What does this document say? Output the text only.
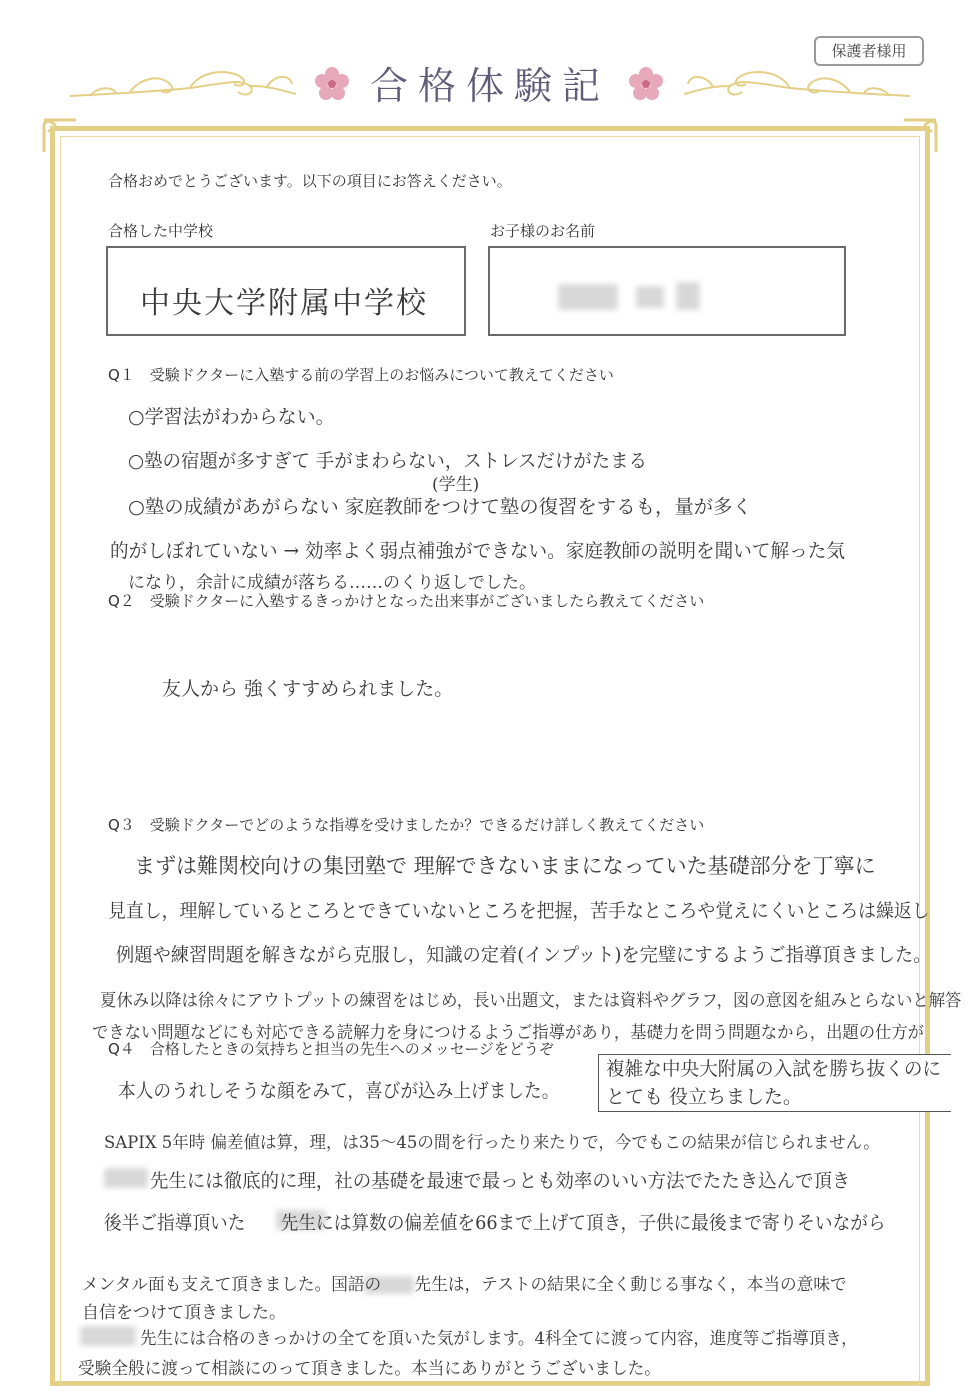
保護者様用
合格体験記
合格おめでとうございます。以下の項目にお答えください。
合格した中学校
中央大学附属中学校
お子様のお名前
Q１　受験ドクターに入塾する前の学習上のお悩みについて教えてください
○学習法がわからない。
○塾の宿題が多すぎて 手がまわらない，ストレスだけがたまる
(学生)
○塾の成績があがらない 家庭教師をつけて塾の復習をするも，量が多く
的がしぼれていない → 効率よく弱点補強ができない。家庭教師の説明を聞いて解った気
になり，余計に成績が落ちる……のくり返しでした。
Q２　受験ドクターに入塾するきっかけとなった出来事がございましたら教えてください
友人から 強くすすめられました。
Q３　受験ドクターでどのような指導を受けましたか？できるだけ詳しく教えてください
まずは難関校向けの集団塾で 理解できないままになっていた基礎部分を丁寧に
見直し，理解しているところとできていないところを把握，苦手なところや覚えにくいところは繰返し
例題や練習問題を解きながら克服し，知識の定着(インプット)を完璧にするようご指導頂きました。
夏休み以降は徐々にアウトプットの練習をはじめ，長い出題文，または資料やグラフ，図の意図を組みとらないと解答
できない問題などにも対応できる読解力を身につけるようご指導があり，基礎力を問う問題なから，出題の仕方が
Q４　合格したときの気持ちと担当の先生へのメッセージをどうぞ
本人のうれしそうな顔をみて，喜びが込み上げました。
複雑な中央大附属の入試を勝ち抜くのに
とても 役立ちました。
SAPIX 5年時 偏差値は算，理，は35〜45の間を行ったり来たりで，今でもこの結果が信じられません。
先生には徹底的に理，社の基礎を最速で最っとも効率のいい方法でたたき込んで頂き
後半ご指導頂いた　　先生には算数の偏差値を66まで上げて頂き，子供に最後まで寄りそいながら
メンタル面も支えて頂きました。国語の　　先生は，テストの結果に全く動じる事なく，本当の意味で
自信をつけて頂きました。
先生には合格のきっかけの全てを頂いた気がします。4科全てに渡って内容，進度等ご指導頂き，
受験全般に渡って相談にのって頂きました。本当にありがとうございました。
